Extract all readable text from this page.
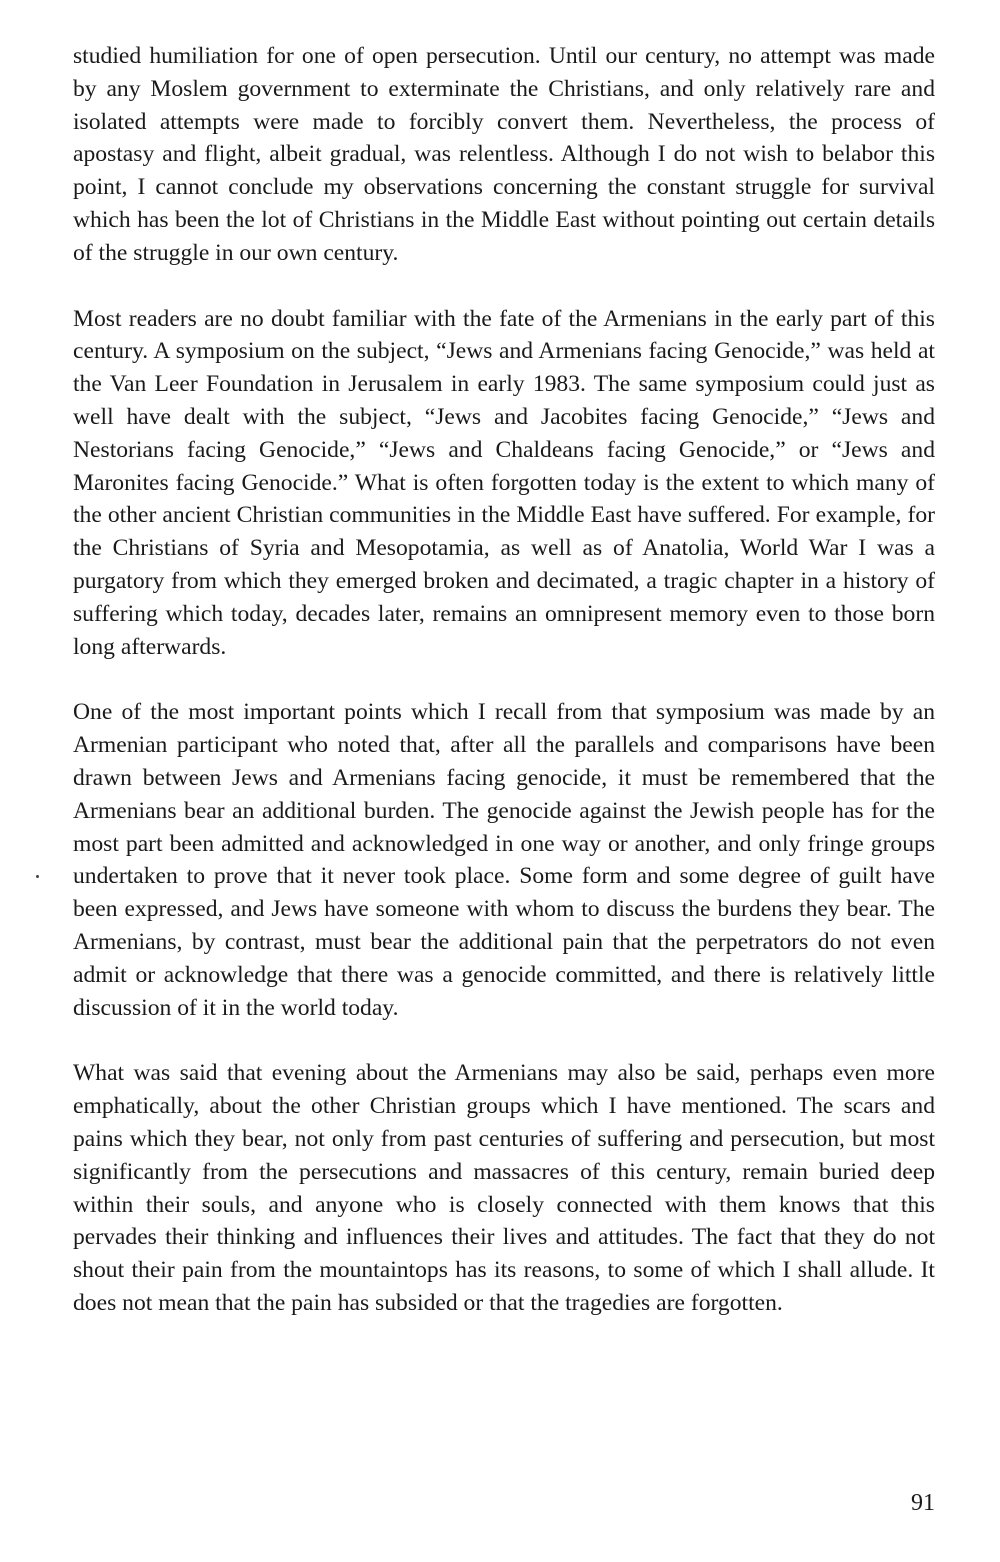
studied humiliation for one of open persecution. Until our century, no attempt was made by any Moslem government to exterminate the Christians, and only relatively rare and isolated attempts were made to forcibly convert them. Nevertheless, the process of apostasy and flight, albeit gradual, was relentless. Although I do not wish to belabor this point, I cannot conclude my observations concerning the constant struggle for survival which has been the lot of Christians in the Middle East without pointing out certain details of the struggle in our own century.

Most readers are no doubt familiar with the fate of the Armenians in the early part of this century. A symposium on the subject, “Jews and Armenians facing Genocide,” was held at the Van Leer Foundation in Jerusalem in early 1983. The same symposium could just as well have dealt with the subject, “Jews and Jacobites facing Genocide,” “Jews and Nestorians facing Genocide,” “Jews and Chaldeans facing Genocide,” or “Jews and Maronites facing Genocide.” What is often forgotten today is the extent to which many of the other ancient Christian communities in the Middle East have suffered. For example, for the Christians of Syria and Mesopotamia, as well as of Anatolia, World War I was a purgatory from which they emerged broken and decimated, a tragic chapter in a history of suffering which today, decades later, remains an omnipresent memory even to those born long afterwards.

One of the most important points which I recall from that symposium was made by an Armenian participant who noted that, after all the parallels and comparisons have been drawn between Jews and Armenians facing genocide, it must be remembered that the Armenians bear an additional burden. The genocide against the Jewish people has for the most part been admitted and acknowledged in one way or another, and only fringe groups undertaken to prove that it never took place. Some form and some degree of guilt have been expressed, and Jews have someone with whom to discuss the burdens they bear. The Armenians, by contrast, must bear the additional pain that the perpetrators do not even admit or acknowledge that there was a genocide committed, and there is relatively little discussion of it in the world today.

What was said that evening about the Armenians may also be said, perhaps even more emphatically, about the other Christian groups which I have mentioned. The scars and pains which they bear, not only from past centuries of suffering and persecution, but most significantly from the persecutions and massacres of this century, remain buried deep within their souls, and anyone who is closely connected with them knows that this pervades their thinking and influences their lives and attitudes. The fact that they do not shout their pain from the mountaintops has its reasons, to some of which I shall allude. It does not mean that the pain has subsided or that the tragedies are forgotten.

91
